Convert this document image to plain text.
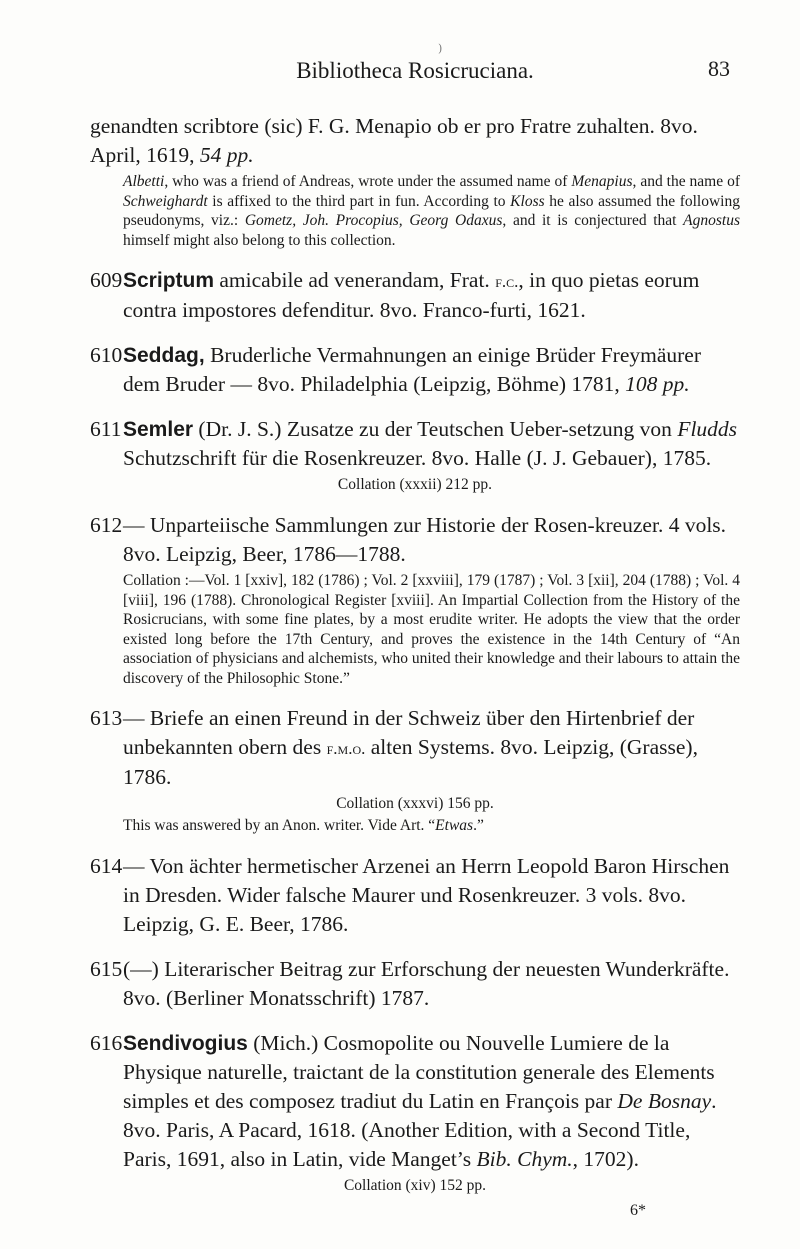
)
Bibliotheca Rosicruciana.	83

genandten scribtore (sic) F. G. Menapio ob er pro Fratre zuhalten. 8vo. April, 1619, 54 pp.

Albetti, who was a friend of Andreas, wrote under the assumed name of Menapius, and the name of Schweighardt is affixed to the third part in fun. According to Kloss he also assumed the following pseudonyms, viz.: Gometz, Joh. Procopius, Georg Odaxus, and it is conjectured that Agnostus himself might also belong to this collection.

609Scriptum amicabile ad venerandam, Frat. f.c., in quo pietas eorum contra impostores defenditur. 8vo. Franco-furti, 1621.

610Seddag, Bruderliche Vermahnungen an einige Brüder Freymäurer dem Bruder — 8vo. Philadelphia (Leipzig, Böhme) 1781, 108 pp.

611Semler (Dr. J. S.) Zusatze zu der Teutschen Ueber-setzung von Fludds Schutzschrift für die Rosenkreuzer. 8vo. Halle (J. J. Gebauer), 1785.

Collation (xxxii) 212 pp.

612— Unparteiische Sammlungen zur Historie der Rosen-kreuzer. 4 vols. 8vo. Leipzig, Beer, 1786—1788.

Collation :—Vol. 1 [xxiv], 182 (1786) ; Vol. 2 [xxviii], 179 (1787) ; Vol. 3 [xii], 204 (1788) ; Vol. 4 [viii], 196 (1788). Chronological Register [xviii]. An Impartial Collection from the History of the Rosicrucians, with some fine plates, by a most erudite writer. He adopts the view that the order existed long before the 17th Century, and proves the existence in the 14th Century of “An association of physicians and alchemists, who united their knowledge and their labours to attain the discovery of the Philosophic Stone.”

613— Briefe an einen Freund in der Schweiz über den Hirtenbrief der unbekannten obern des f.m.o. alten Systems. 8vo. Leipzig, (Grasse), 1786.

Collation (xxxvi) 156 pp.

This was answered by an Anon. writer. Vide Art. “Etwas.”

614— Von ächter hermetischer Arzenei an Herrn Leopold Baron Hirschen in Dresden. Wider falsche Maurer und Rosenkreuzer. 3 vols. 8vo. Leipzig, G. E. Beer, 1786.

615(—) Literarischer Beitrag zur Erforschung der neuesten Wunderkräfte. 8vo. (Berliner Monatsschrift) 1787.

616Sendivogius (Mich.) Cosmopolite ou Nouvelle Lumiere de la Physique naturelle, traictant de la constitution generale des Elements simples et des composez tradiut du Latin en François par De Bosnay. 8vo. Paris, A Pacard, 1618. (Another Edition, with a Second Title, Paris, 1691, also in Latin, vide Manget’s Bib. Chym., 1702).

Collation (xiv) 152 pp.

6*
